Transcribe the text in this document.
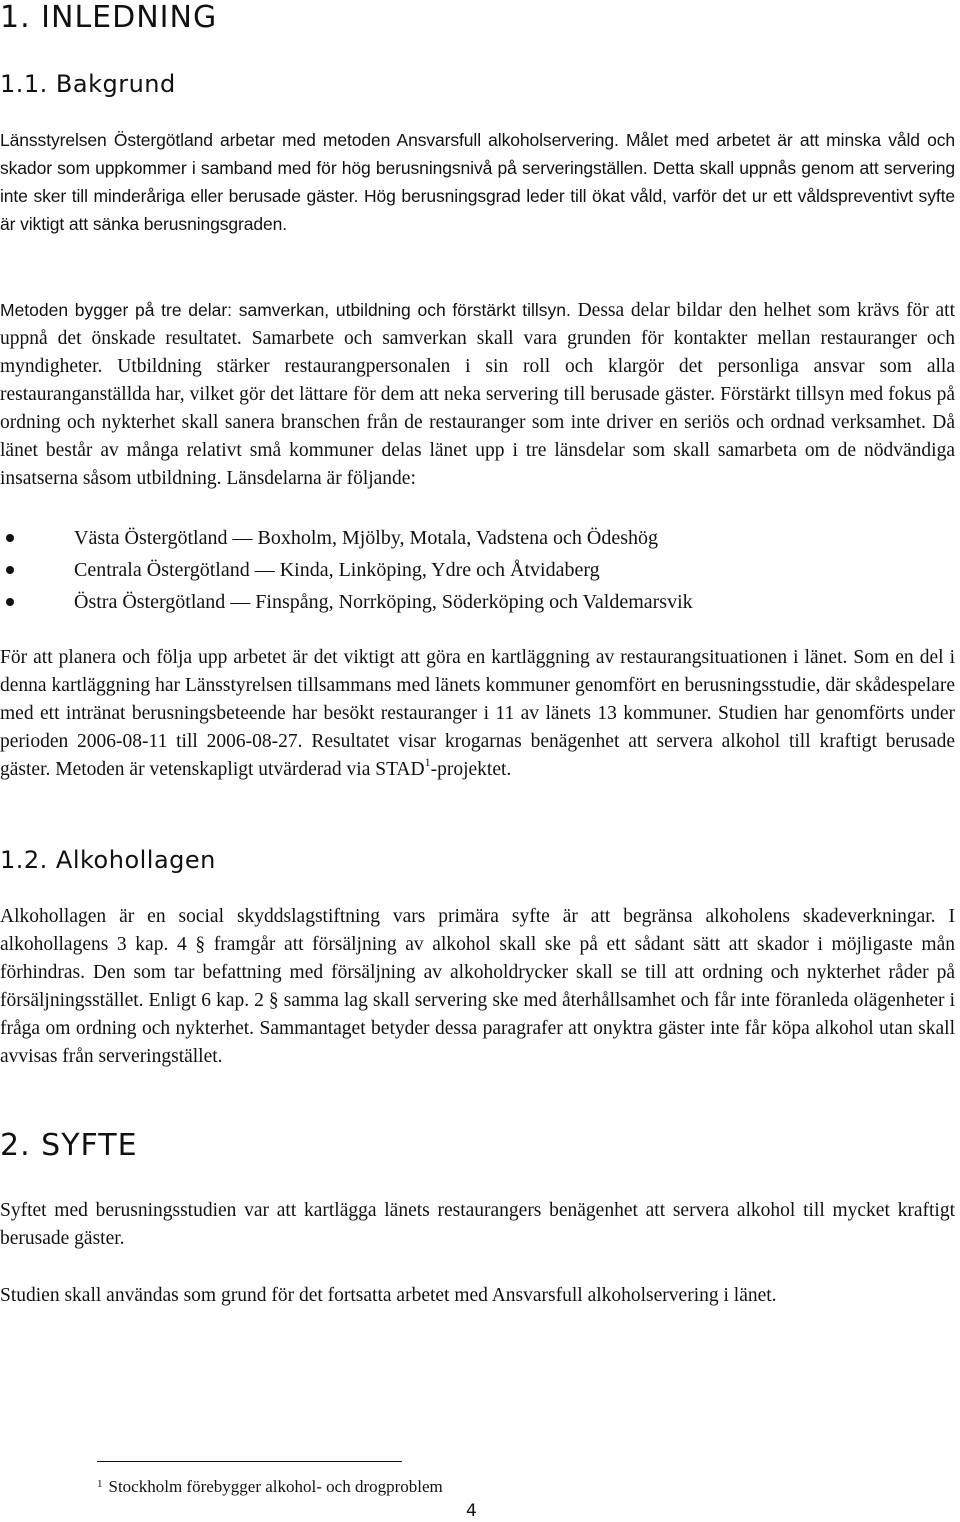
1. INLEDNING
1.1. Bakgrund

Länsstyrelsen Östergötland arbetar med metoden Ansvarsfull alkoholservering. Målet med arbetet är att minska våld och skador som uppkommer i samband med för hög berusningsnivå på serveringställen. Detta skall uppnås genom att servering inte sker till minderåriga eller berusade gäster. Hög berusningsgrad leder till ökat våld, varför det ur ett våldspreventivt syfte är viktigt att sänka berusningsgraden.

Metoden bygger på tre delar: samverkan, utbildning och förstärkt tillsyn. Dessa delar bildar den helhet som krävs för att uppnå det önskade resultatet. Samarbete och samverkan skall vara grunden för kontakter mellan restauranger och myndigheter. Utbildning stärker restaurangpersonalen i sin roll och klargör det personliga ansvar som alla restauranganställda har, vilket gör det lättare för dem att neka servering till berusade gäster. Förstärkt tillsyn med fokus på ordning och nykterhet skall sanera branschen från de restauranger som inte driver en seriös och ordnad verksamhet. Då länet består av många relativt små kommuner delas länet upp i tre länsdelar som skall samarbeta om de nödvändiga insatserna såsom utbildning. Länsdelarna är följande:

Västa Östergötland — Boxholm, Mjölby, Motala, Vadstena och Ödeshög
Centrala Östergötland — Kinda, Linköping, Ydre och Åtvidaberg
Östra Östergötland — Finspång, Norrköping, Söderköping och Valdemarsvik

För att planera och följa upp arbetet är det viktigt att göra en kartläggning av restaurangsituationen i länet. Som en del i denna kartläggning har Länsstyrelsen tillsammans med länets kommuner genomfört en berusningsstudie, där skådespelare med ett intränat berusningsbeteende har besökt restauranger i 11 av länets 13 kommuner. Studien har genomförts under perioden 2006-08-11 till 2006-08-27. Resultatet visar krogarnas benägenhet att servera alkohol till kraftigt berusade gäster. Metoden är vetenskapligt utvärderad via STAD$^1$-projektet.

1.2. Alkohollagen

Alkohollagen är en social skyddslagstiftning vars primära syfte är att begränsa alkoholens skadeverkningar. I alkohollagens 3 kap. 4 § framgår att försäljning av alkohol skall ske på ett sådant sätt att skador i möjligaste mån förhindras. Den som tar befattning med försäljning av alkoholdrycker skall se till att ordning och nykterhet råder på försäljningsstället. Enligt 6 kap. 2 § samma lag skall servering ske med återhållsamhet och får inte föranleda olägenheter i fråga om ordning och nykterhet. Sammantaget betyder dessa paragrafer att onyktra gäster inte får köpa alkohol utan skall avvisas från serveringstället.

2. SYFTE

Syftet med berusningsstudien var att kartlägga länets restaurangers benägenhet att servera alkohol till mycket kraftigt berusade gäster.

Studien skall användas som grund för det fortsatta arbetet med Ansvarsfull alkoholservering i länet.

$^1$ Stockholm förebygger alkohol- och drogproblem
4
